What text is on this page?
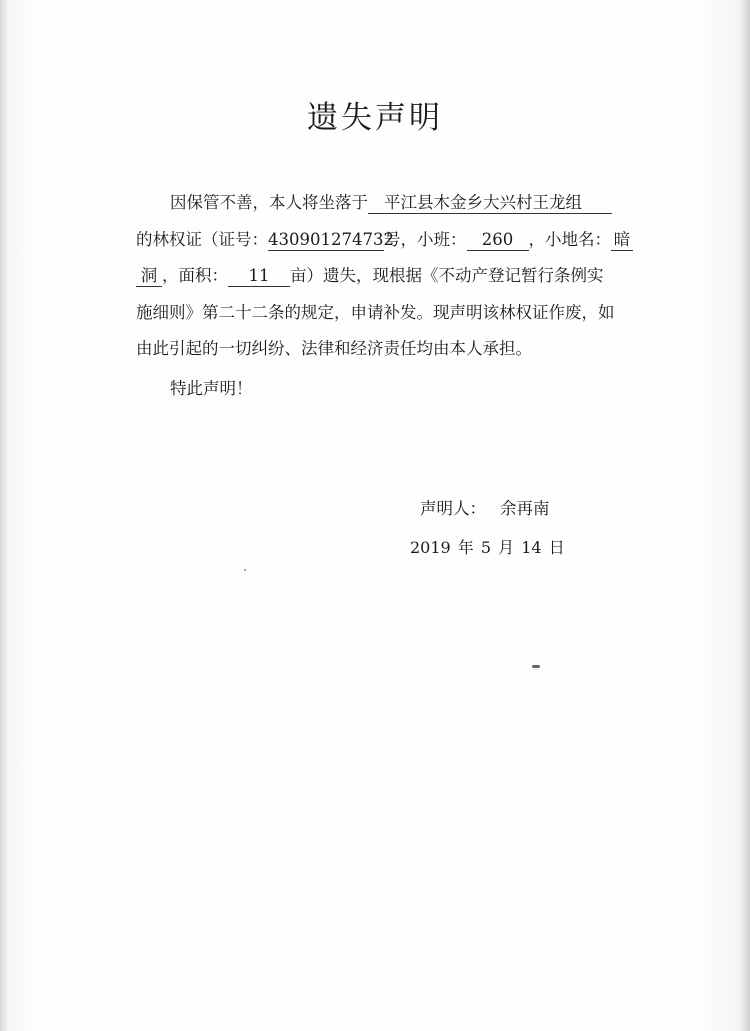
遗失声明
因保管不善，本人将坐落于 平江县木金乡大兴村王龙组
的林权证（证号：430901274732号，小班： 260 ，小地名： 暗
洞 ，面积： 11 亩）遗失，现根据《不动产登记暂行条例实
施细则》第二十二条的规定，申请补发。现声明该林权证作废，如
由此引起的一切纠纷、法律和经济责任均由本人承担。
特此声明！
声明人： 余再南
2019 年 5 月 14 日
